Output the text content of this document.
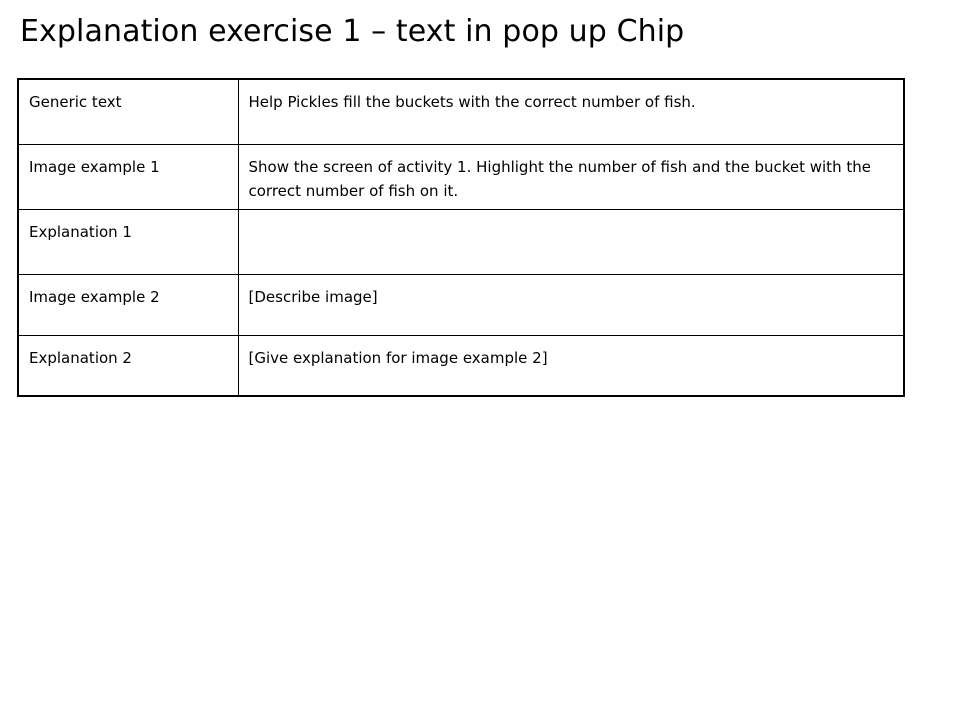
Explanation exercise 1 – text in pop up Chip
Generic text	Help Pickles fill the buckets with the correct number of fish.
Image example 1	Show the screen of activity 1. Highlight the number of fish and the bucket with the correct number of fish on it.
Explanation 1	
Image example 2	[Describe image]
Explanation 2	[Give explanation for image example 2]
